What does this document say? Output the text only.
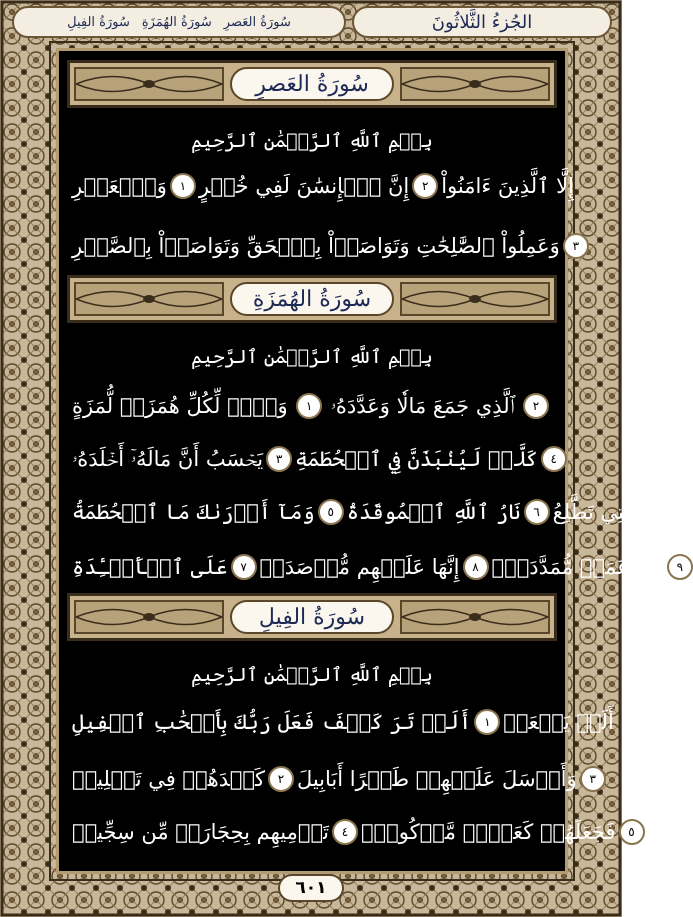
الجُزءُ الثَّلاثُونَ
سُورَةُ العَصرِ
سُورَةُ الهُمَزَةِ
سُورَةُ الفِيلِ
سُورَةُ العَصرِ
بِسۡمِ ٱللَّهِ ٱلرَّحۡمَٰنِ ٱلرَّحِيمِ
وَٱلۡعَصۡرِ	١ إِنَّ ٱلۡإِنسَٰنَ لَفِي خُسۡرٍ	٢ إِلَّا ٱلَّذِينَ ءَامَنُواْ
وَعَمِلُواْ ٱلصَّٰلِحَٰتِ وَتَوَاصَوۡاْ بِٱلۡحَقِّ وَتَوَاصَوۡاْ بِٱلصَّبۡرِ	٣
سُورَةُ الهُمَزَةِ
بِسۡمِ ٱللَّهِ ٱلرَّحۡمَٰنِ ٱلرَّحِيمِ
وَيۡلٞ لِّكُلِّ هُمَزَةٖ لُّمَزَةٍ	١ ٱلَّذِي جَمَعَ مَالٗا وَعَدَّدَهُۥ	٢
يَحۡسَبُ أَنَّ مَالَهُۥٓ أَخۡلَدَهُۥ	٣ كَلَّاۖ لَيُنۢبَذَنَّ فِي ٱلۡحُطَمَةِ	٤
وَمَآ أَدۡرَىٰكَ مَا ٱلۡحُطَمَةُ	٥ نَارُ ٱللَّهِ ٱلۡمُوقَدَةُ	٦ ٱلَّتِي تَطَّلِعُ
عَلَى ٱلۡأَفۡـِٔدَةِ	٧ إِنَّهَا عَلَيۡهِم مُّؤۡصَدَةٞ	٨ فِي عَمَدٖ مُّمَدَّدَةِۭ	٩
سُورَةُ الفِيلِ
بِسۡمِ ٱللَّهِ ٱلرَّحۡمَٰنِ ٱلرَّحِيمِ
أَلَمۡ تَرَ كَيۡفَ فَعَلَ رَبُّكَ بِأَصۡحَٰبِ ٱلۡفِيلِ	١ أَلَمۡ يَجۡعَلۡ
كَيۡدَهُمۡ فِي تَضۡلِيلٖ	٢ وَأَرۡسَلَ عَلَيۡهِمۡ طَيۡرًا أَبَابِيلَ	٣
تَرۡمِيهِم بِحِجَارَةٖ مِّن سِجِّيلٖ	٤ فَجَعَلَهُمۡ كَعَصۡفٖ مَّأۡكُولِۭ	٥
٦٠١
